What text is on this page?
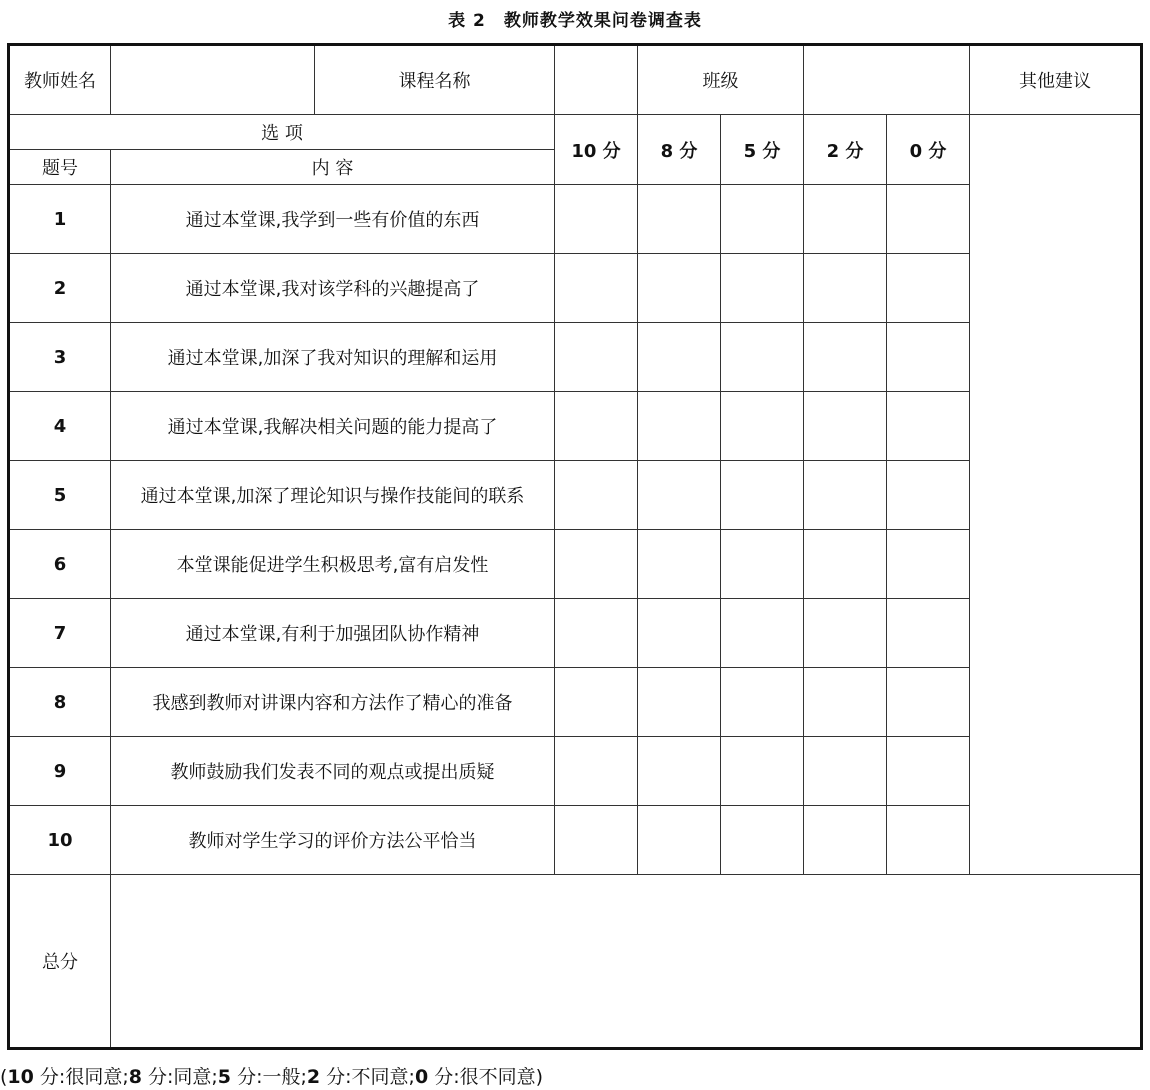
表 2 教师教学效果问卷调查表
教师姓名		课程名称		班级				其他建议
选 项			10 分	8 分	5 分	2 分	0 分	
题号	内 容							
1	通过本堂课,我学到一些有价值的东西							
2	通过本堂课,我对该学科的兴趣提高了							
3	通过本堂课,加深了我对知识的理解和运用							
4	通过本堂课,我解决相关问题的能力提高了							
5	通过本堂课,加深了理论知识与操作技能间的联系							
6	本堂课能促进学生积极思考,富有启发性							
7	通过本堂课,有利于加强团队协作精神							
8	我感到教师对讲课内容和方法作了精心的准备							
9	教师鼓励我们发表不同的观点或提出质疑							
10	教师对学生学习的评价方法公平恰当							
总分								
(10 分:很同意;8 分:同意;5 分:一般;2 分:不同意;0 分:很不同意)
